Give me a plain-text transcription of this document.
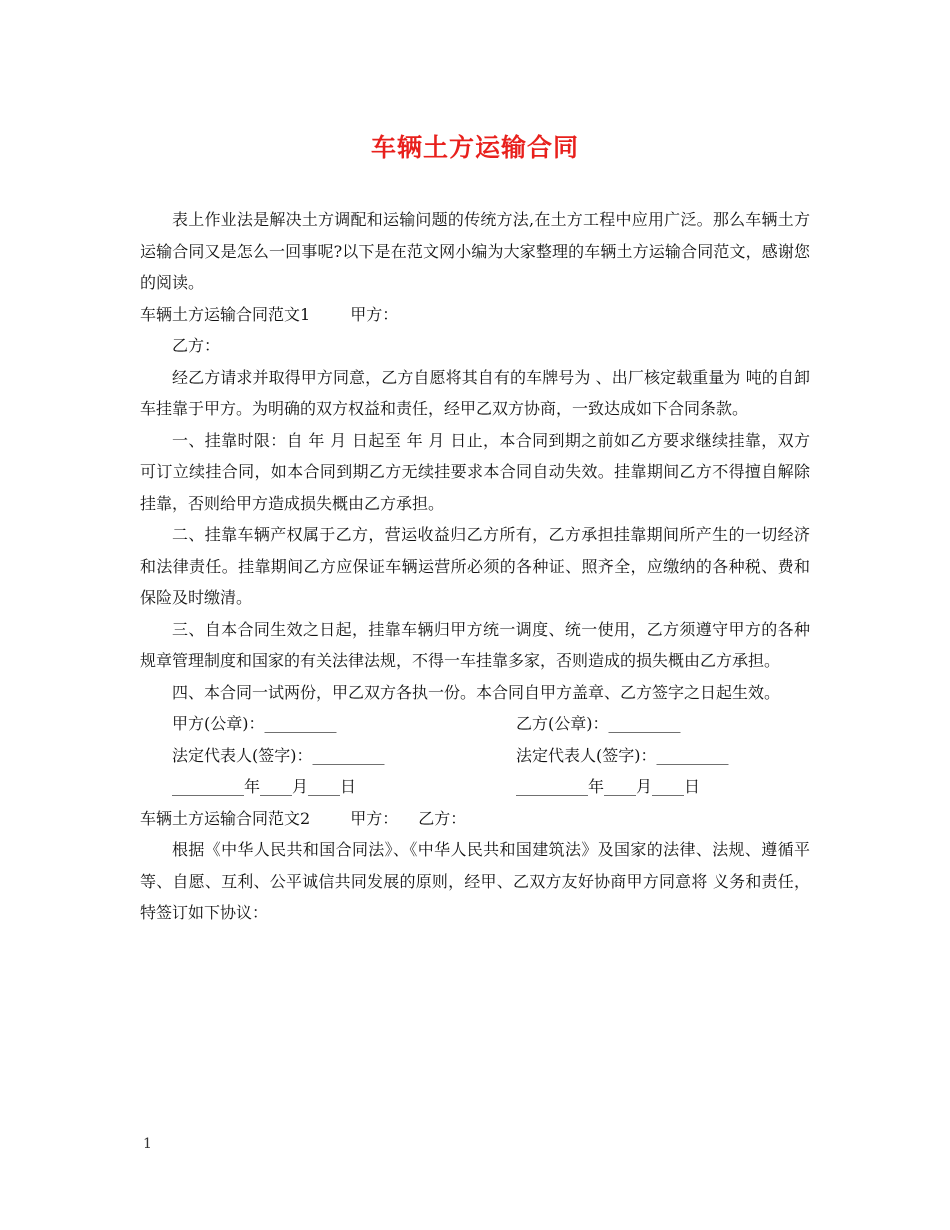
车辆土方运输合同

表上作业法是解决土方调配和运输问题的传统方法,在土方工程中应用广泛。那么车辆土方运输合同又是怎么一回事呢?以下是在范文网小编为大家整理的车辆土方运输合同范文，感谢您的阅读。

车辆土方运输合同范文1	甲方：

乙方：

经乙方请求并取得甲方同意，乙方自愿将其自有的车牌号为 、出厂核定载重量为 吨的自卸车挂靠于甲方。为明确的双方权益和责任，经甲乙双方协商，一致达成如下合同条款。

一、挂靠时限：自 年 月 日起至 年 月 日止，本合同到期之前如乙方要求继续挂靠，双方可订立续挂合同，如本合同到期乙方无续挂要求本合同自动失效。挂靠期间乙方不得擅自解除挂靠，否则给甲方造成损失概由乙方承担。

二、挂靠车辆产权属于乙方，营运收益归乙方所有，乙方承担挂靠期间所产生的一切经济和法律责任。挂靠期间乙方应保证车辆运营所必须的各种证、照齐全，应缴纳的各种税、费和保险及时缴清。

三、自本合同生效之日起，挂靠车辆归甲方统一调度、统一使用，乙方须遵守甲方的各种规章管理制度和国家的有关法律法规，不得一车挂靠多家，否则造成的损失概由乙方承担。

四、本合同一试两份，甲乙双方各执一份。本合同自甲方盖章、乙方签字之日起生效。

甲方(公章)：_________	乙方(公章)：_________
法定代表人(签字)：_________	法定代表人(签字)：_________
_________年____月____日	_________年____月____日

车辆土方运输合同范文2	甲方： 乙方：

根据《中华人民共和国合同法》、《中华人民共和国建筑法》及国家的法律、法规、遵循平等、自愿、互利、公平诚信共同发展的原则，经甲、乙双方友好协商甲方同意将 义务和责任，特签订如下协议：

1
